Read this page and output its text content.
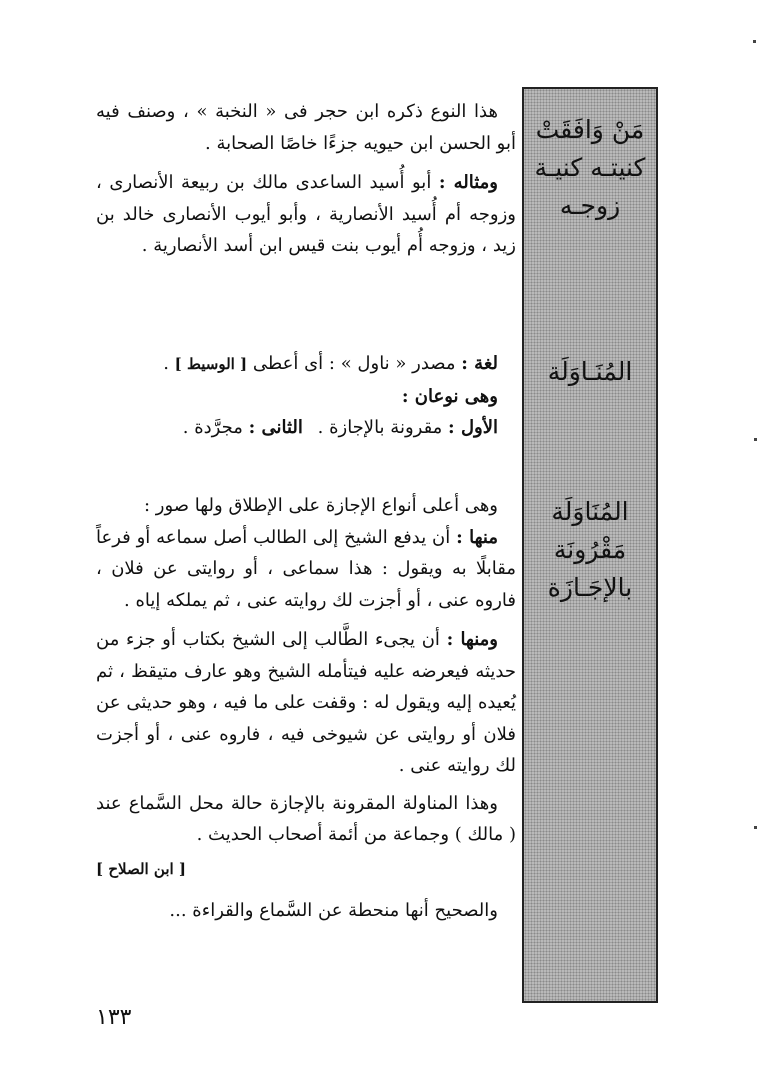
مَنْ وَافَقَتْ
كنيتـه كنيـة
زوجـه
المُنَـاوَلَة
المُنَاوَلَة مَقْرُونَة
بالإجَـازَة

 هذا النوع ذكره ابن حجر فى « النخبة » ، وصنف فيه أبو الحسن ابن حيويه جزءًا خاصًا الصحابة .

 ومثاله : أبو أُسيد الساعدى مالك بن ربيعة الأنصارى ، وزوجه أم أُسيد الأنصارية ، وأبو أيوب الأنصارى خالد بن زيد ، وزوجه أُم أيوب بنت قيس ابن أسد الأنصارية .

 لغة : مصدر « ناول » : أى أعطى [ الوسيط ] .

وهى نوعان :

 الأول : مقرونة بالإجازة .  الثانى : مجرَّدة .

 وهى أعلى أنواع الإجازة على الإطلاق ولها صور :

 منها : أن يدفع الشيخ إلى الطالب أصل سماعه أو فرعاً مقابلًا به ويقول : هذا سماعى ، أو روايتى عن فلان ، فاروه عنى ، أو أجزت لك روايته عنى ، ثم يملكه إياه .

 ومنها : أن يجىء الطَّالب إلى الشيخ بكتاب أو جزء من حديثه فيعرضه عليه فيتأمله الشيخ وهو عارف متيقظ ، ثم يُعيده إليه ويقول له : وقفت على ما فيه ، وهو حديثى عن فلان أو روايتى عن شيوخى فيه ، فاروه عنى ، أو أجزت لك روايته عنى .

 وهذا المناولة المقرونة بالإجازة حالة محل السَّماع عند ( مالك ) وجماعة من أئمة أصحاب الحديث .

[ ابن الصلاح ]

 والصحيح أنها منحطة عن السَّماع والقراءة ...

١٣٣
